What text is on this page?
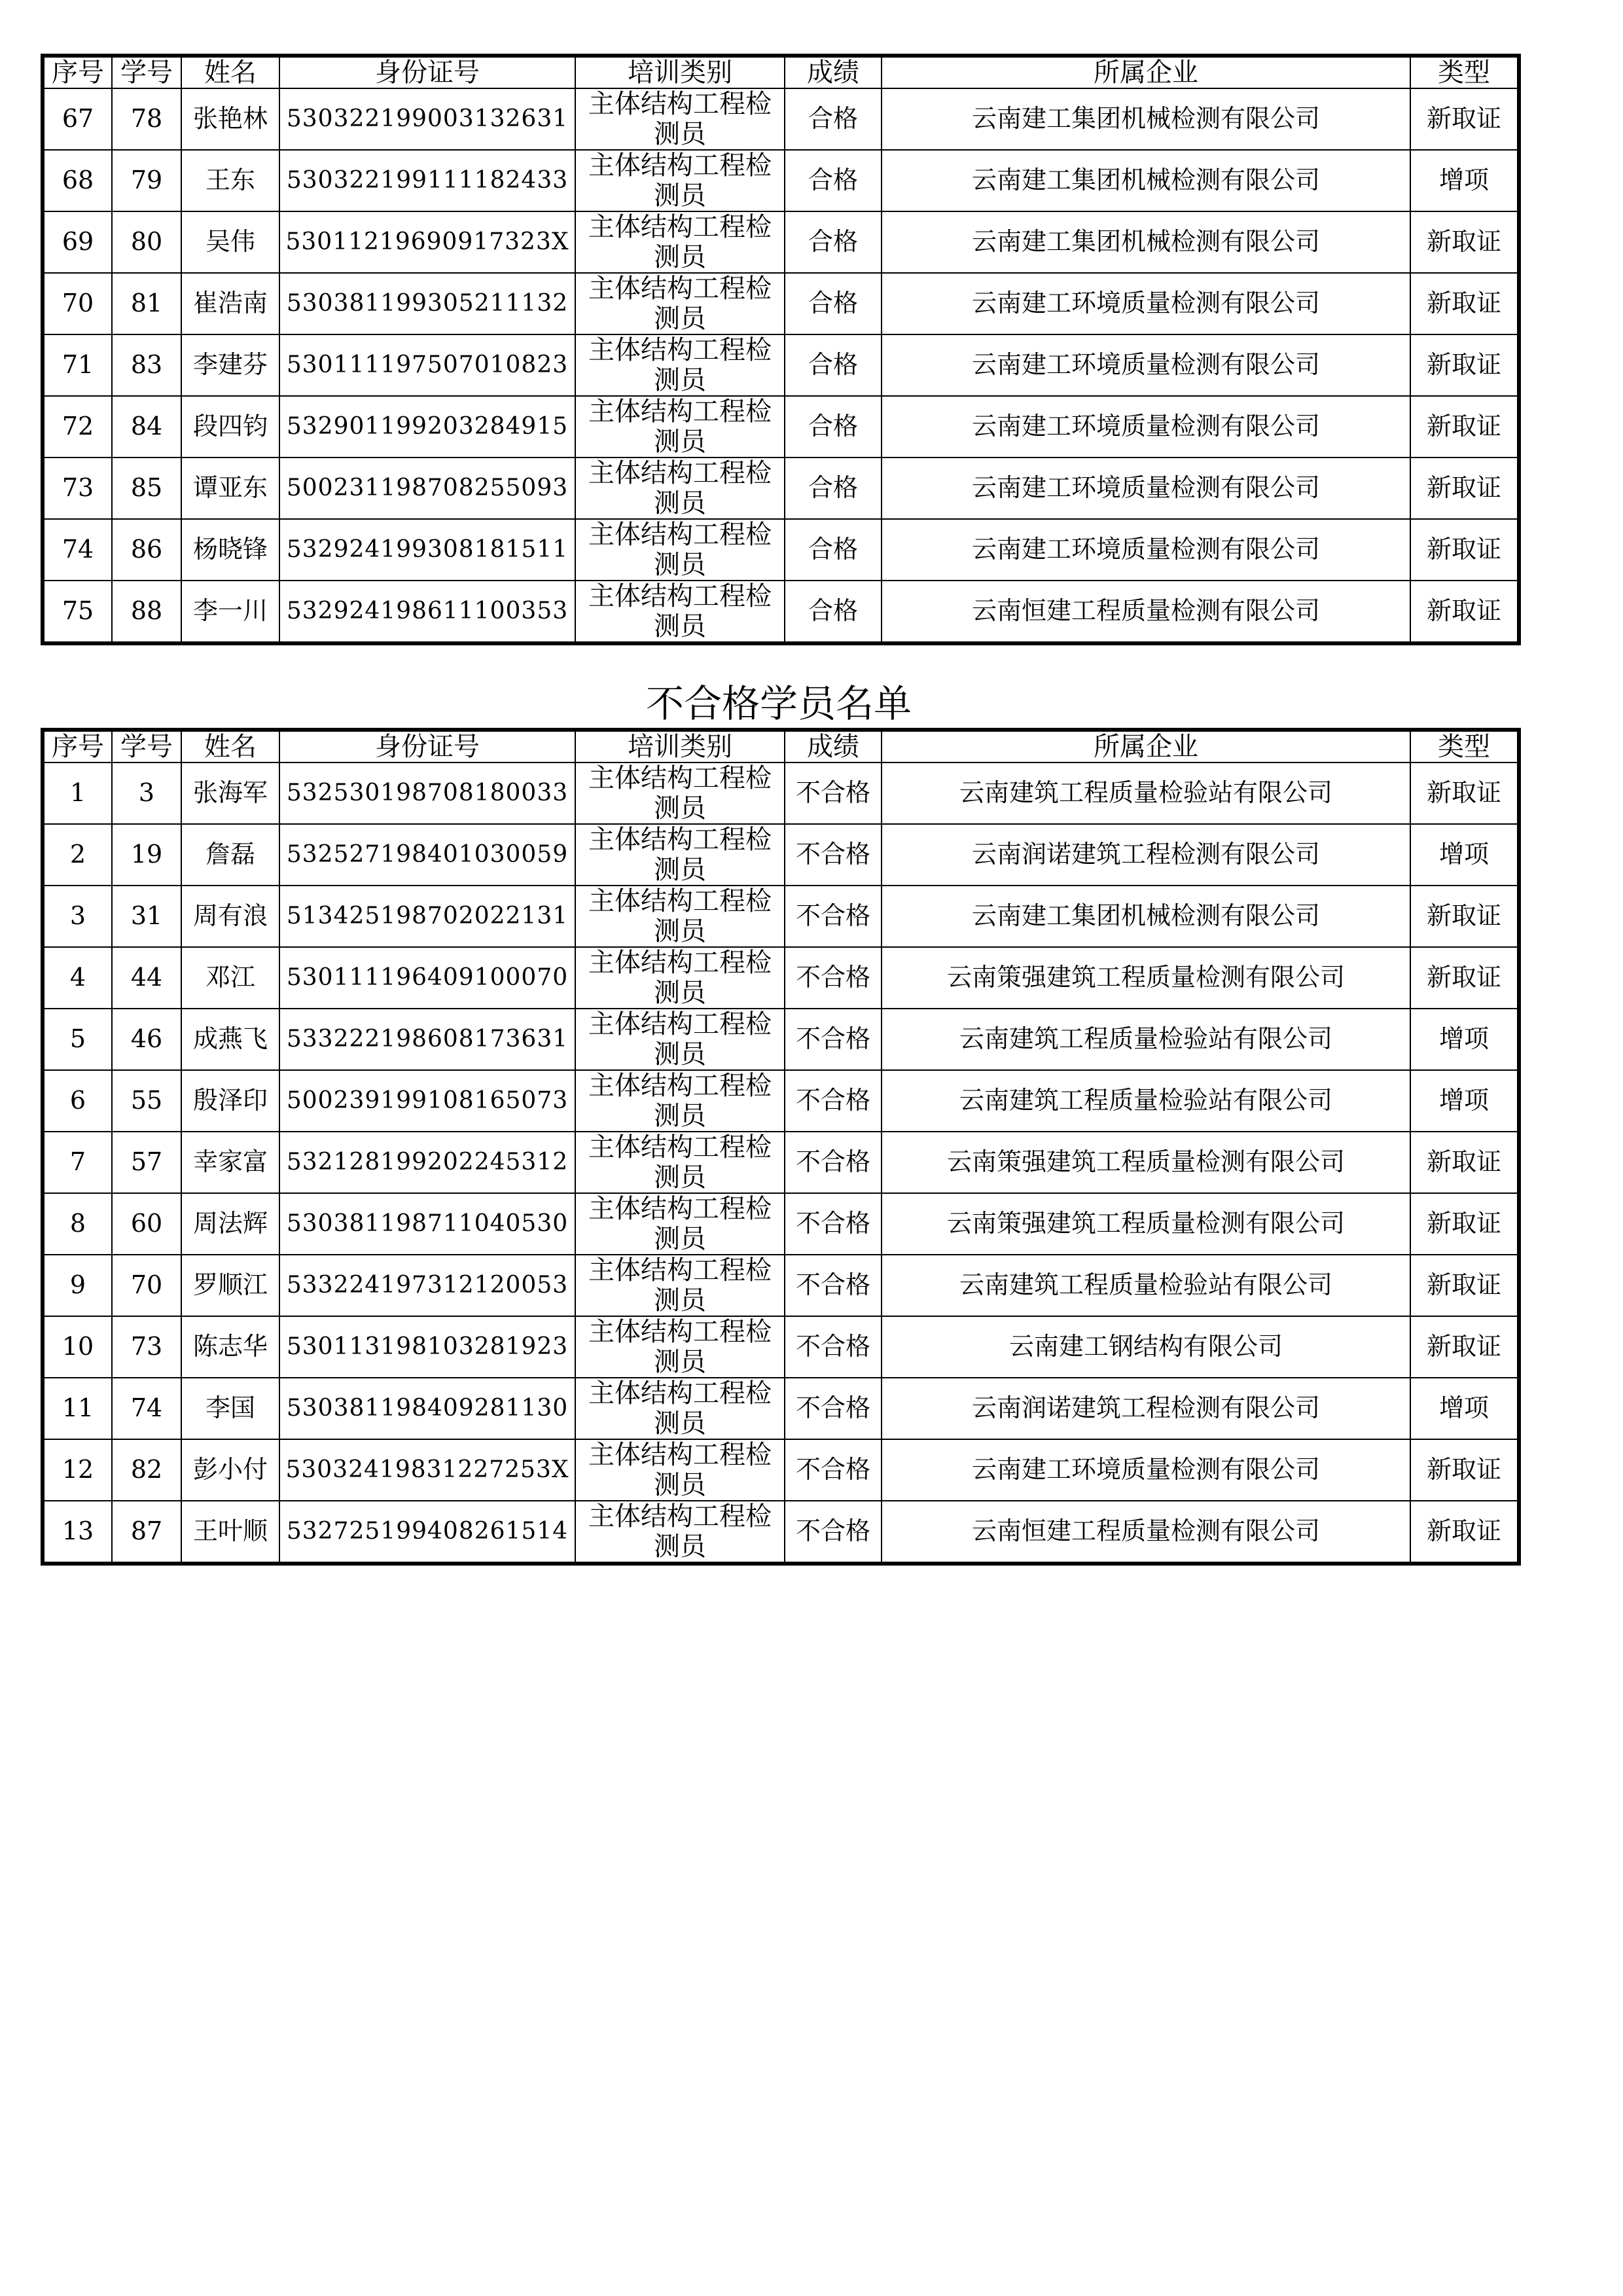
序号	学号	姓名	身份证号	培训类别	成绩	所属企业	类型
67	78	张艳林	530322199003132631	主体结构工程检测员	合格	云南建工集团机械检测有限公司	新取证
68	79	王东	530322199111182433	主体结构工程检测员	合格	云南建工集团机械检测有限公司	增项
69	80	吴伟	53011219690917323X	主体结构工程检测员	合格	云南建工集团机械检测有限公司	新取证
70	81	崔浩南	530381199305211132	主体结构工程检测员	合格	云南建工环境质量检测有限公司	新取证
71	83	李建芬	530111197507010823	主体结构工程检测员	合格	云南建工环境质量检测有限公司	新取证
72	84	段四钧	532901199203284915	主体结构工程检测员	合格	云南建工环境质量检测有限公司	新取证
73	85	谭亚东	500231198708255093	主体结构工程检测员	合格	云南建工环境质量检测有限公司	新取证
74	86	杨晓锋	532924199308181511	主体结构工程检测员	合格	云南建工环境质量检测有限公司	新取证
75	88	李一川	532924198611100353	主体结构工程检测员	合格	云南恒建工程质量检测有限公司	新取证
不合格学员名单
序号	学号	姓名	身份证号	培训类别	成绩	所属企业	类型
1	3	张海军	532530198708180033	主体结构工程检测员	不合格	云南建筑工程质量检验站有限公司	新取证
2	19	詹磊	532527198401030059	主体结构工程检测员	不合格	云南润诺建筑工程检测有限公司	增项
3	31	周有浪	513425198702022131	主体结构工程检测员	不合格	云南建工集团机械检测有限公司	新取证
4	44	邓江	530111196409100070	主体结构工程检测员	不合格	云南策强建筑工程质量检测有限公司	新取证
5	46	成燕飞	533222198608173631	主体结构工程检测员	不合格	云南建筑工程质量检验站有限公司	增项
6	55	殷泽印	500239199108165073	主体结构工程检测员	不合格	云南建筑工程质量检验站有限公司	增项
7	57	幸家富	532128199202245312	主体结构工程检测员	不合格	云南策强建筑工程质量检测有限公司	新取证
8	60	周法辉	530381198711040530	主体结构工程检测员	不合格	云南策强建筑工程质量检测有限公司	新取证
9	70	罗顺江	533224197312120053	主体结构工程检测员	不合格	云南建筑工程质量检验站有限公司	新取证
10	73	陈志华	530113198103281923	主体结构工程检测员	不合格	云南建工钢结构有限公司	新取证
11	74	李国	530381198409281130	主体结构工程检测员	不合格	云南润诺建筑工程检测有限公司	增项
12	82	彭小付	53032419831227253X	主体结构工程检测员	不合格	云南建工环境质量检测有限公司	新取证
13	87	王叶顺	532725199408261514	主体结构工程检测员	不合格	云南恒建工程质量检测有限公司	新取证
